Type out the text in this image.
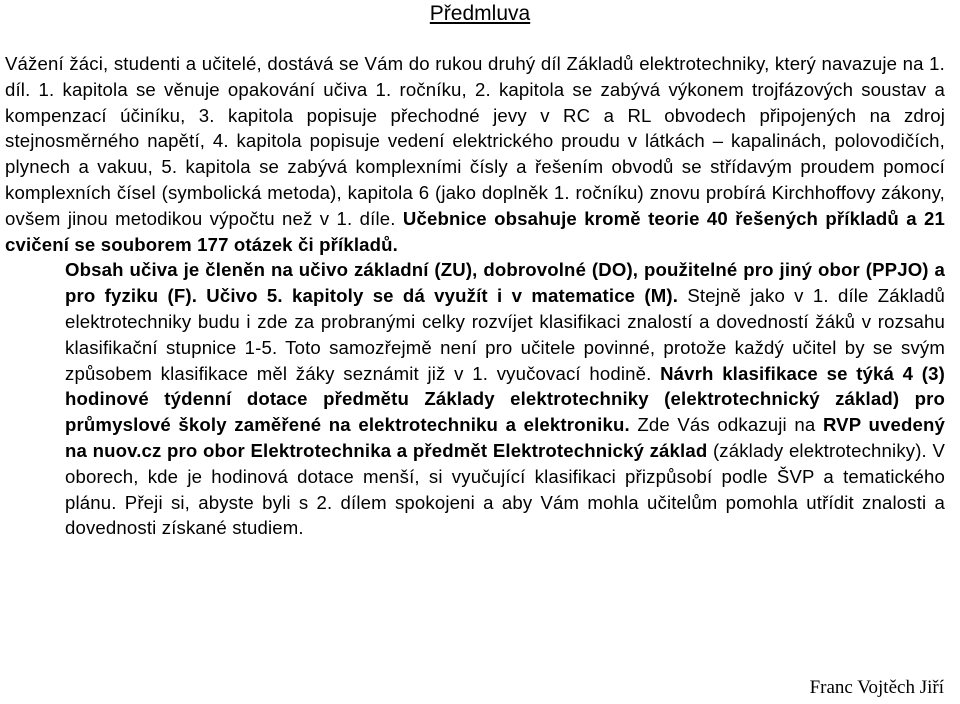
Předmluva

Vážení žáci, studenti a učitelé, dostává se Vám do rukou druhý díl Základů elektrotechniky, který navazuje na 1. díl. 1. kapitola se věnuje opakování učiva 1. ročníku, 2. kapitola se zabývá výkonem trojfázových soustav a kompenzací účiníku, 3. kapitola popisuje přechodné jevy v RC a RL obvodech připojených na zdroj stejnosměrného napětí, 4. kapitola popisuje vedení elektrického proudu v látkách – kapalinách, polovodičích, plynech a vakuu, 5. kapitola se zabývá komplexními čísly a řešením obvodů se střídavým proudem pomocí komplexních čísel (symbolická metoda), kapitola 6 (jako doplněk 1. ročníku) znovu probírá Kirchhoffovy zákony, ovšem jinou metodikou výpočtu než v 1. díle. Učebnice obsahuje kromě teorie 40 řešených příkladů a 21 cvičení se souborem 177 otázek či příkladů.

Obsah učiva je členěn na učivo základní (ZU), dobrovolné (DO), použitelné pro jiný obor (PPJO) a pro fyziku (F). Učivo 5. kapitoly se dá využít i v matematice (M). Stejně jako v 1. díle Základů elektrotechniky budu i zde za probranými celky rozvíjet klasifikaci znalostí a dovedností žáků v rozsahu klasifikační stupnice 1-5. Toto samozřejmě není pro učitele povinné, protože každý učitel by se svým způsobem klasifikace měl žáky seznámit již v 1. vyučovací hodině. Návrh klasifikace se týká 4 (3) hodinové týdenní dotace předmětu Základy elektrotechniky (elektrotechnický základ) pro průmyslové školy zaměřené na elektrotechniku a elektroniku. Zde Vás odkazuji na RVP uvedený na nuov.cz pro obor Elektrotechnika a předmět Elektrotechnický základ (základy elektrotechniky). V oborech, kde je hodinová dotace menší, si vyučující klasifikaci přizpůsobí podle ŠVP a tematického plánu. Přeji si, abyste byli s 2. dílem spokojeni a aby Vám mohla učitelům pomohla utřídit znalosti a dovednosti získané studiem.

Franc Vojtěch Jiří
